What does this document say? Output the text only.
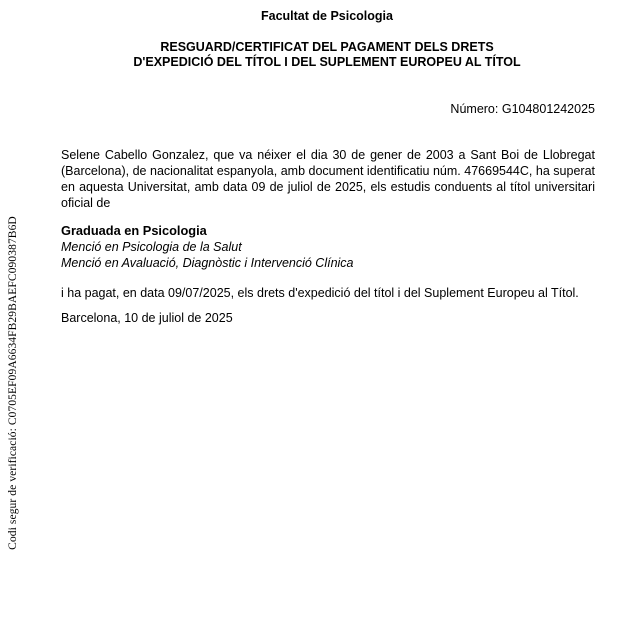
Facultat de Psicologia
RESGUARD/CERTIFICAT DEL PAGAMENT DELS DRETS
D'EXPEDICIÓ DEL TÍTOL I DEL SUPLEMENT EUROPEU AL TÍTOL
Número: G104801242025
Selene Cabello Gonzalez, que va néixer el dia 30 de gener de 2003 a Sant Boi de Llobregat (Barcelona), de nacionalitat espanyola, amb document identificatiu núm. 47669544C, ha superat en aquesta Universitat, amb data 09 de juliol de 2025, els estudis conduents al títol universitari oficial de
Graduada en Psicologia
Menció en Psicologia de la Salut
Menció en Avaluació, Diagnòstic i Intervenció Clínica
i ha pagat, en data 09/07/2025, els drets d'expedició del títol i del Suplement Europeu al Títol.
Barcelona, 10 de juliol de 2025
Codi segur de verificació: C0705EF09A6634FB29BAEFC090387B6D
